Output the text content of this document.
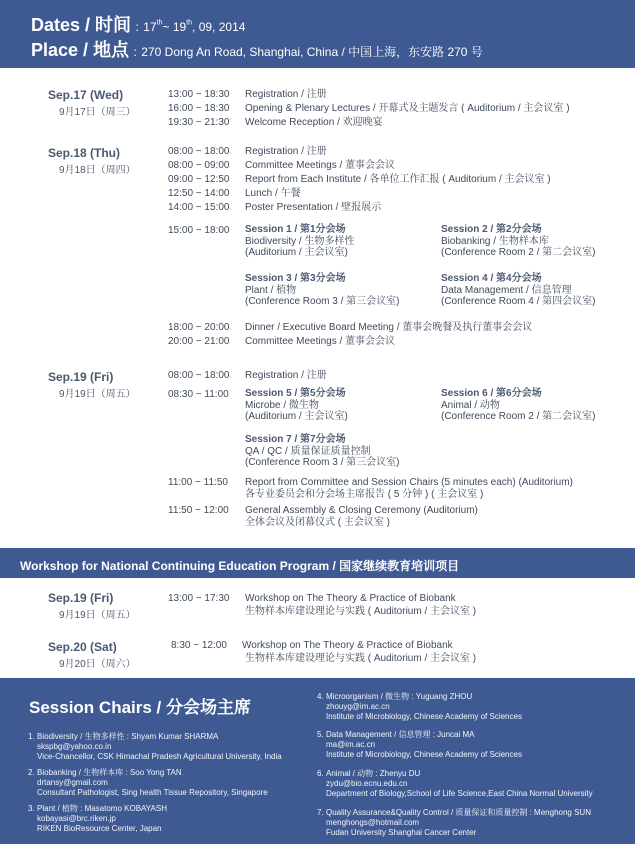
Dates / 时间 : 17th~ 19th, 09, 2014
Place / 地点 : 270 Dong An Road, Shanghai, China / 中国上海，东安路 270 号
Sep.17 (Wed)
9月17日（周三）
13:00 ~ 18:30 Registration / 注册
16:00 ~ 18:30 Opening & Plenary Lectures / 开幕式及主题发言 ( Auditorium / 主会议室 )
19:30 ~ 21:30 Welcome Reception / 欢迎晚宴
Sep.18 (Thu)
9月18日（周四）
08:00 ~ 18:00 Registration / 注册
08:00 ~ 09:00 Committee Meetings / 董事会会议
09:00 ~ 12:50 Report from Each Institute / 各单位工作汇报 ( Auditorium / 主会议室 )
12:50 ~ 14:00 Lunch / 午餐
14:00 ~ 15:00 Poster Presentation / 壁报展示
15:00 ~ 18:00	Session 1 / 第1分会场
Biodiversity / 生物多样性
(Auditorium / 主会议室)
Session 2 / 第2分会场
Biobanking / 生物样本库
(Conference Room 2 / 第二会议室)
Session 3 / 第3分会场
Plant / 植物
(Conference Room 3 / 第三会议室)
Session 4 / 第4分会场
Data Management / 信息管理
(Conference Room 4 / 第四会议室)
18:00 ~ 20:00 Dinner / Executive Board Meeting / 董事会晚餐及执行董事会会议
20:00 ~ 21:00 Committee Meetings / 董事会会议
Sep.19 (Fri)
9月19日（周五）
08:00 ~ 18:00 Registration / 注册
08:30 ~ 11:00	Session 5 / 第5分会场
Microbe / 微生物
(Auditorium / 主会议室)
Session 6 / 第6分会场
Animal / 动物
(Conference Room 2 / 第二会议室)
Session 7 / 第7分会场
QA / QC / 质量保证质量控制
(Conference Room 3 / 第三会议室)
11:00 ~ 11:50 Report from Committee and Session Chairs (5 minutes each) (Auditorium)
各专业委员会和分会场主席报告 ( 5 分钟 ) ( 主会议室 )
11:50 ~ 12:00 General Assembly & Closing Ceremony (Auditorium)
全体会议及闭幕仪式 ( 主会议室 )
Workshop for National Continuing Education Program / 国家继续教育培训项目
Sep.19 (Fri)
9月19日（周五）
13:00 ~ 17:30 Workshop on The Theory & Practice of Biobank
生物样本库建设理论与实践 ( Auditorium / 主会议室 )
Sep.20 (Sat)
9月20日（周六）
8:30 ~ 12:00 Workshop on The Theory & Practice of Biobank
生物样本库建设理论与实践 ( Auditorium / 主会议室 )
Session Chairs / 分会场主席
1. Biodiversity / 生物多样性 : Shyam Kumar SHARMA
skspbg@yahoo.co.in
Vice-Chancellor, CSK Himachal Pradesh Agricultural University, India
2. Biobanking / 生物样本库 : Soo Yong TAN
drtansy@gmail.com
Consultant Pathologist, Sing health Tissue Repository, Singapore
3. Plant / 植物 : Masatomo KOBAYASH
kobayasi@brc.riken.jp
RIKEN BioResource Center, Japan
4. Microorganism / 微生物 : Yuguang ZHOU
zhouyg@im.ac.cn
Institute of Microbiology, Chinese Academy of Sciences
5. Data Management / 信息管理 : Juncai MA
ma@im.ac.cn
Institute of Microbiology, Chinese Academy of Sciences
6. Animal / 动物 : Zhenyu DU
zydu@bio.ecnu.edu.cn
Department of Biology,School of Life Science,East China Normal University
7. Quality Assurance&Quality Control / 质量保证和质量控制 : Menghong SUN
menghongs@hotmail.com
Fudan University Shanghai Cancer Center
